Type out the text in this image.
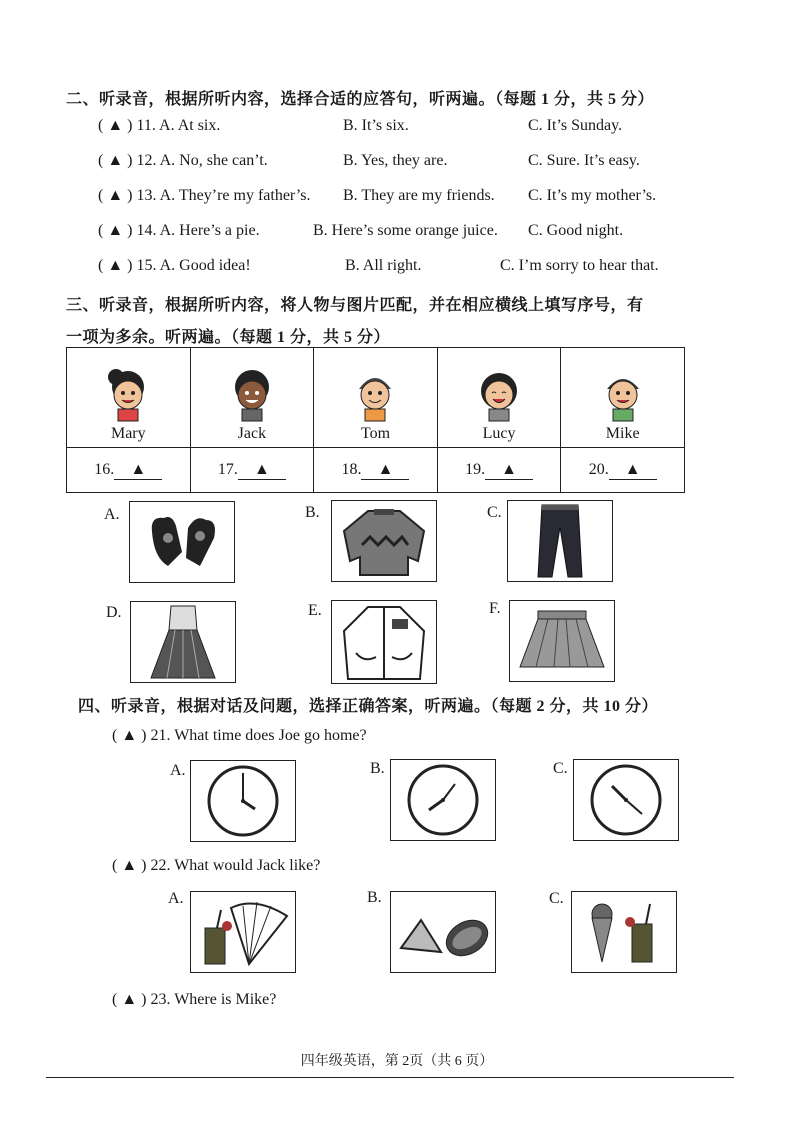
二、听录音，根据所听内容，选择合适的应答句，听两遍。（每题 1 分，共 5 分）
( ▲ ) 11. A. At six.	B. It’s six.	C. It’s Sunday.
( ▲ ) 12. A. No, she can’t.	B. Yes, they are.	C. Sure. It’s easy.
( ▲ ) 13. A. They’re my father’s. B. They are my friends. C. It’s my mother’s.
( ▲ ) 14. A. Here’s a pie.	B. Here’s some orange juice. C. Good night.
( ▲ ) 15. A. Good idea!	B. All right.	C. I’m sorry to hear that.
三、听录音，根据所听内容，将人物与图片匹配，并在相应横线上填写序号，有
一项为多余。听两遍。（每题 1 分，共 5 分）
Mary	Jack	Tom	Lucy	Mike

16. ▲	17. ▲	18. ▲	19. ▲	20. ▲
A.	B.	C.
D.	E.	F.
四、听录音，根据对话及问题，选择正确答案，听两遍。（每题 2 分，共 10 分）
( ▲ ) 21. What time does Joe go home?
A.	B.	C.
( ▲ ) 22. What would Jack like?
A.	B.	C.
( ▲ ) 23. Where is Mike?
四年级英语，第 2页（共 6 页）
